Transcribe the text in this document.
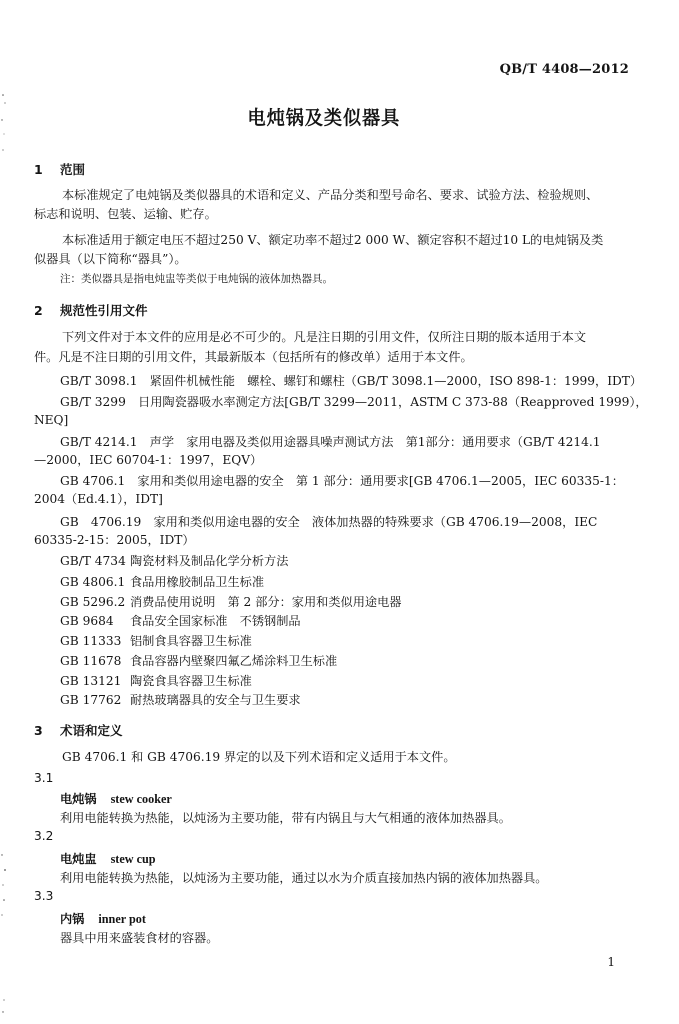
QB/T 4408—2012
电炖锅及类似器具
1 范围
本标准规定了电炖锅及类似器具的术语和定义、产品分类和型号命名、要求、试验方法、检验规则、
标志和说明、包装、运输、贮存。
本标准适用于额定电压不超过250 V、额定功率不超过2 000 W、额定容积不超过10 L的电炖锅及类
似器具（以下简称“器具”）。
注：类似器具是指电炖盅等类似于电炖锅的液体加热器具。
2 规范性引用文件
下列文件对于本文件的应用是必不可少的。凡是注日期的引用文件，仅所注日期的版本适用于本文
件。凡是不注日期的引用文件，其最新版本（包括所有的修改单）适用于本文件。
GB/T 3098.1　紧固件机械性能　螺栓、螺钉和螺柱（GB/T 3098.1—2000，ISO 898-1：1999，IDT）
GB/T 3299　日用陶瓷器吸水率测定方法[GB/T 3299—2011，ASTM C 373-88（Reapproved 1999），
NEQ]
GB/T 4214.1　声学　家用电器及类似用途器具噪声测试方法　第1部分：通用要求（GB/T 4214.1
—2000，IEC 60704-1：1997，EQV）
GB 4706.1　家用和类似用途电器的安全　第 1 部分：通用要求[GB 4706.1—2005，IEC 60335-1：
2004（Ed.4.1），IDT]
GB　4706.19　家用和类似用途电器的安全　液体加热器的特殊要求（GB 4706.19—2008，IEC
60335-2-15：2005，IDT）
GB/T 4734 陶瓷材料及制品化学分析方法
GB 4806.1 食品用橡胶制品卫生标准
GB 5296.2 消费品使用说明　第 2 部分：家用和类似用途电器
GB 9684 食品安全国家标准　不锈钢制品
GB 11333 铝制食具容器卫生标准
GB 11678 食品容器内壁聚四氟乙烯涂料卫生标准
GB 13121 陶瓷食具容器卫生标准
GB 17762 耐热玻璃器具的安全与卫生要求
3 术语和定义
GB 4706.1 和 GB 4706.19 界定的以及下列术语和定义适用于本文件。
3.1
电炖锅 stew cooker
利用电能转换为热能，以炖汤为主要功能，带有内锅且与大气相通的液体加热器具。
3.2
电炖盅 stew cup
利用电能转换为热能，以炖汤为主要功能，通过以水为介质直接加热内锅的液体加热器具。
3.3
内锅 inner pot
器具中用来盛装食材的容器。
1
